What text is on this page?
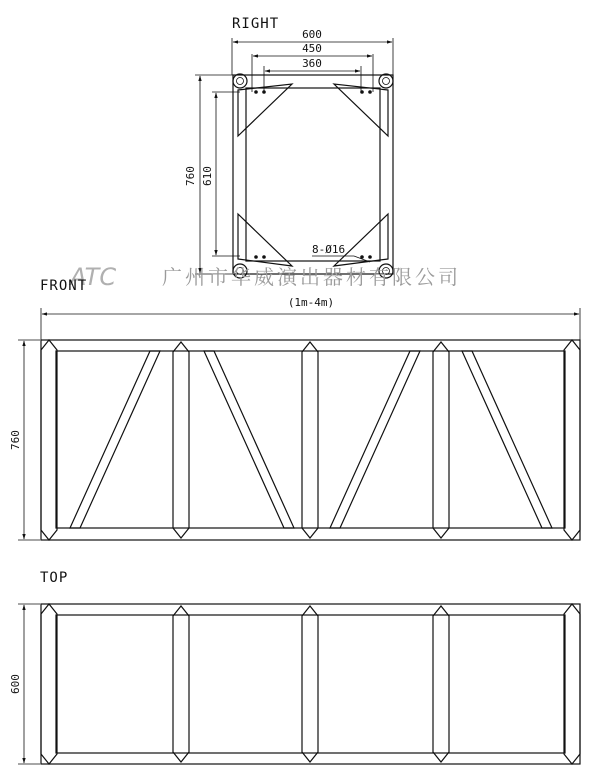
RIGHT
600
450
360
760 610
8-Ø16
ATC 广州市华威演出器材有限公司
FRONT
(1m-4m)
760
TOP
600
